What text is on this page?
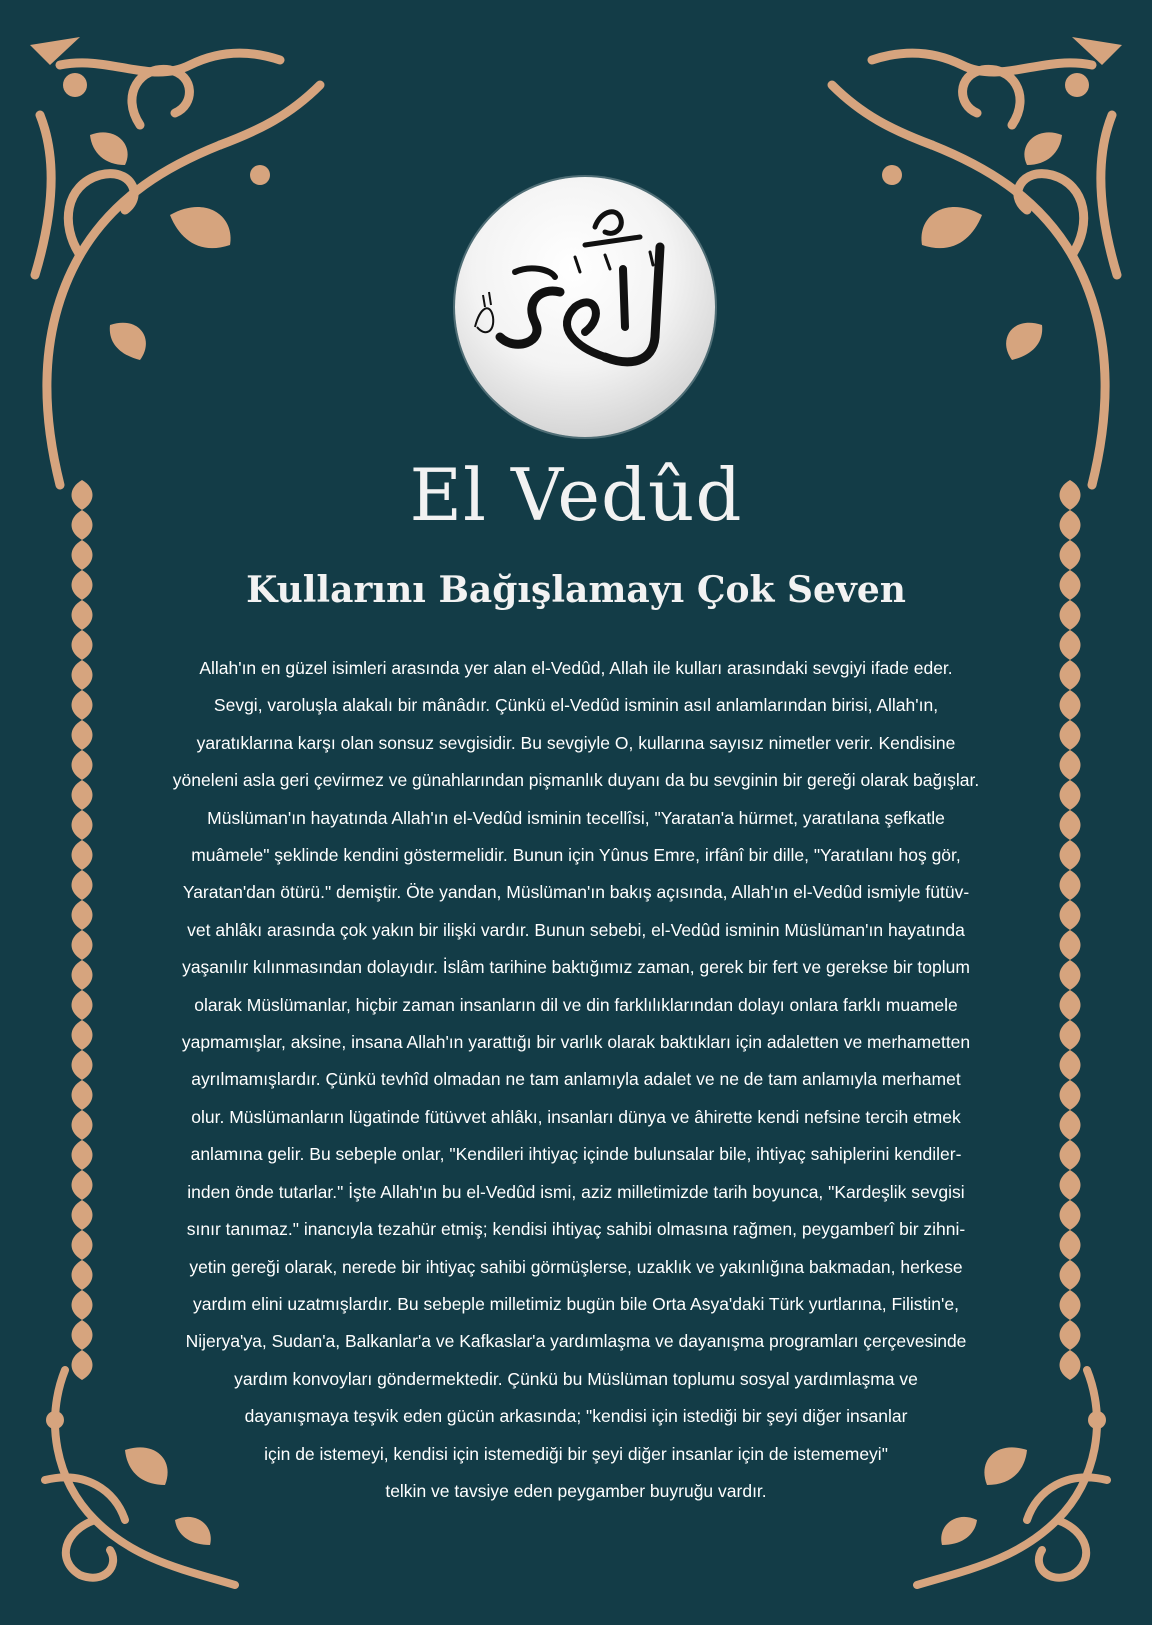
El Vedûd
Kullarını Bağışlamayı Çok Seven
Allah'ın en güzel isimleri arasında yer alan el-Vedûd, Allah ile kulları arasındaki sevgiyi ifade eder.
Sevgi, varoluşla alakalı bir mânâdır. Çünkü el-Vedûd isminin asıl anlamlarından birisi, Allah'ın,
yaratıklarına karşı olan sonsuz sevgisidir. Bu sevgiyle O, kullarına sayısız nimetler verir. Kendisine
yöneleni asla geri çevirmez ve günahlarından pişmanlık duyanı da bu sevginin bir gereği olarak bağışlar.
Müslüman'ın hayatında Allah'ın el-Vedûd isminin tecellîsi, "Yaratan'a hürmet, yaratılana şefkatle
muâmele" şeklinde kendini göstermelidir. Bunun için Yûnus Emre, irfânî bir dille, "Yaratılanı hoş gör,
Yaratan'dan ötürü." demiştir. Öte yandan, Müslüman'ın bakış açısında, Allah'ın el-Vedûd ismiyle fütüv-
vet ahlâkı arasında çok yakın bir ilişki vardır. Bunun sebebi, el-Vedûd isminin Müslüman'ın hayatında
yaşanılır kılınmasından dolayıdır. İslâm tarihine baktığımız zaman, gerek bir fert ve gerekse bir toplum
olarak Müslümanlar, hiçbir zaman insanların dil ve din farklılıklarından dolayı onlara farklı muamele
yapmamışlar, aksine, insana Allah'ın yarattığı bir varlık olarak baktıkları için adaletten ve merhametten
ayrılmamışlardır. Çünkü tevhîd olmadan ne tam anlamıyla adalet ve ne de tam anlamıyla merhamet
olur. Müslümanların lügatinde fütüvvet ahlâkı, insanları dünya ve âhirette kendi nefsine tercih etmek
anlamına gelir. Bu sebeple onlar, "Kendileri ihtiyaç içinde bulunsalar bile, ihtiyaç sahiplerini kendiler-
inden önde tutarlar." İşte Allah'ın bu el-Vedûd ismi, aziz milletimizde tarih boyunca, "Kardeşlik sevgisi
sınır tanımaz." inancıyla tezahür etmiş; kendisi ihtiyaç sahibi olmasına rağmen, peygamberî bir zihni-
yetin gereği olarak, nerede bir ihtiyaç sahibi görmüşlerse, uzaklık ve yakınlığına bakmadan, herkese
yardım elini uzatmışlardır. Bu sebeple milletimiz bugün bile Orta Asya'daki Türk yurtlarına, Filistin'e,
Nijerya'ya, Sudan'a, Balkanlar'a ve Kafkaslar'a yardımlaşma ve dayanışma programları çerçevesinde
yardım konvoyları göndermektedir. Çünkü bu Müslüman toplumu sosyal yardımlaşma ve
dayanışmaya teşvik eden gücün arkasında; "kendisi için istediği bir şeyi diğer insanlar
için de istemeyi, kendisi için istemediği bir şeyi diğer insanlar için de istememeyi"
telkin ve tavsiye eden peygamber buyruğu vardır.
